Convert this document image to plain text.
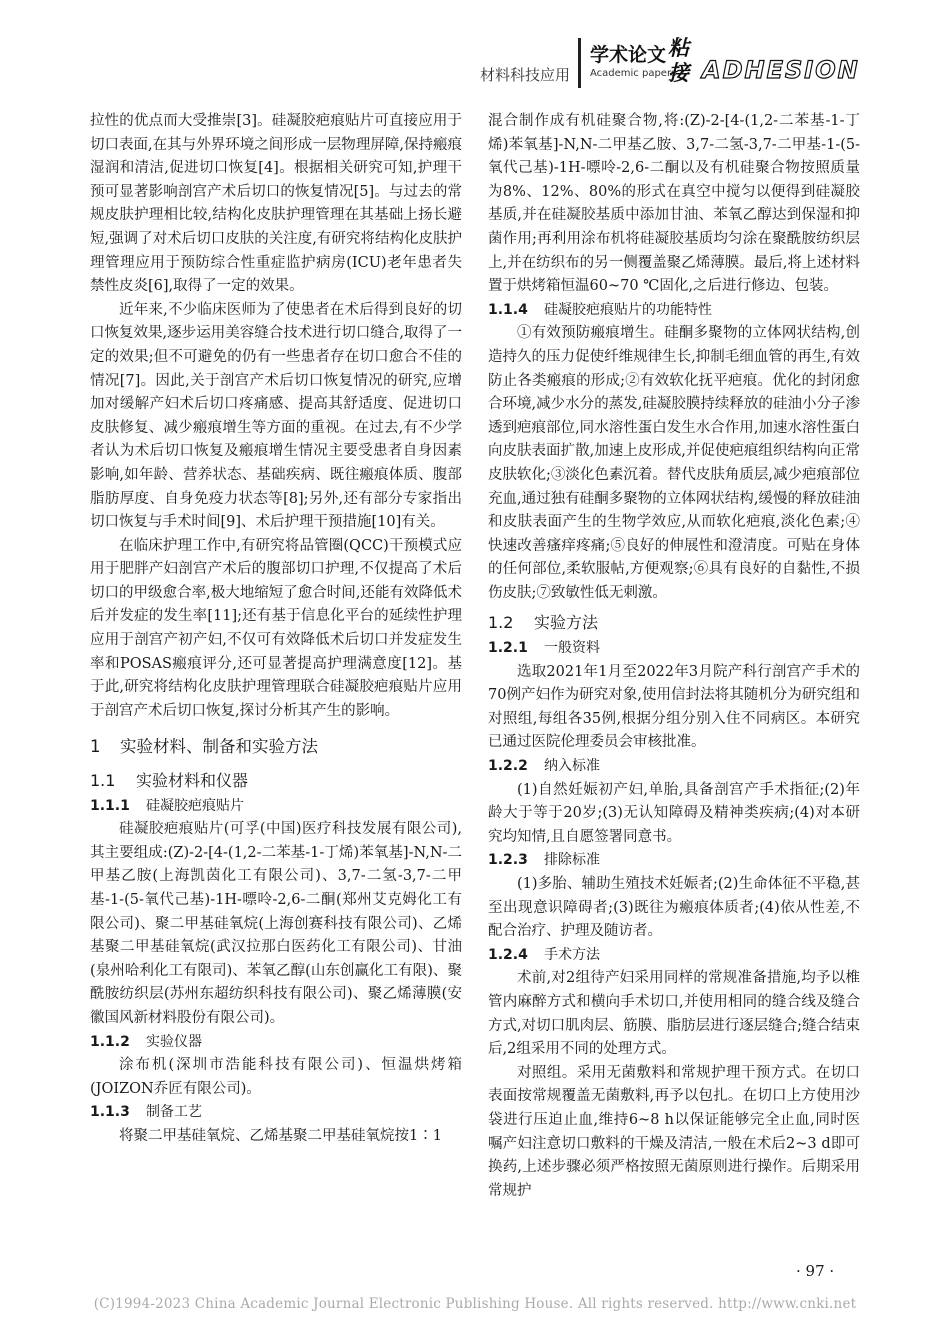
材料科技应用
学术论文
Academic papers
粘接 ADHESION

拉性的优点而大受推崇[3]。硅凝胶疤痕贴片可直接应用于切口表面,在其与外界环境之间形成一层物理屏障,保持瘢痕湿润和清洁,促进切口恢复[4]。根据相关研究可知,护理干预可显著影响剖宫产术后切口的恢复情况[5]。与过去的常规皮肤护理相比较,结构化皮肤护理管理在其基础上扬长避短,强调了对术后切口皮肤的关注度,有研究将结构化皮肤护理管理应用于预防综合性重症监护病房(ICU)老年患者失禁性皮炎[6],取得了一定的效果。

近年来,不少临床医师为了使患者在术后得到良好的切口恢复效果,逐步运用美容缝合技术进行切口缝合,取得了一定的效果;但不可避免的仍有一些患者存在切口愈合不佳的情况[7]。因此,关于剖宫产术后切口恢复情况的研究,应增加对缓解产妇术后切口疼痛感、提高其舒适度、促进切口皮肤修复、减少瘢痕增生等方面的重视。在过去,有不少学者认为术后切口恢复及瘢痕增生情况主要受患者自身因素影响,如年龄、营养状态、基础疾病、既往瘢痕体质、腹部脂肪厚度、自身免疫力状态等[8];另外,还有部分专家指出切口恢复与手术时间[9]、术后护理干预措施[10]有关。

在临床护理工作中,有研究将品管圈(QCC)干预模式应用于肥胖产妇剖宫产术后的腹部切口护理,不仅提高了术后切口的甲级愈合率,极大地缩短了愈合时间,还能有效降低术后并发症的发生率[11];还有基于信息化平台的延续性护理应用于剖宫产初产妇,不仅可有效降低术后切口并发症发生率和POSAS瘢痕评分,还可显著提高护理满意度[12]。基于此,研究将结构化皮肤护理管理联合硅凝胶疤痕贴片应用于剖宫产术后切口恢复,探讨分析其产生的影响。

1 实验材料、制备和实验方法
1.1 实验材料和仪器
1.1.1 硅凝胶疤痕贴片

硅凝胶疤痕贴片(可孚(中国)医疗科技发展有限公司),其主要组成:(Z)-2-[4-(1,2-二苯基-1-丁烯)苯氧基]-N,N-二甲基乙胺(上海凯茵化工有限公司)、3,7-二氢-3,7-二甲基-1-(5-氧代己基)-1H-嘌呤-2,6-二酮(郑州艾克姆化工有限公司)、聚二甲基硅氧烷(上海创赛科技有限公司)、乙烯基聚二甲基硅氧烷(武汉拉那白医药化工有限公司)、甘油(泉州哈利化工有限司)、苯氧乙醇(山东创赢化工有限)、聚酰胺纺织层(苏州东超纺织科技有限公司)、聚乙烯薄膜(安徽国风新材料股份有限公司)。

1.1.2 实验仪器

涂布机(深圳市浩能科技有限公司)、恒温烘烤箱(JOIZON乔匠有限公司)。

1.1.3 制备工艺

将聚二甲基硅氧烷、乙烯基聚二甲基硅氧烷按1∶1

混合制作成有机硅聚合物,将:(Z)-2-[4-(1,2-二苯基-1-丁烯)苯氧基]-N,N-二甲基乙胺、3,7-二氢-3,7-二甲基-1-(5-氧代己基)-1H-嘌呤-2,6-二酮以及有机硅聚合物按照质量为8%、12%、80%的形式在真空中搅匀以便得到硅凝胶基质,并在硅凝胶基质中添加甘油、苯氧乙醇达到保湿和抑菌作用;再利用涂布机将硅凝胶基质均匀涂在聚酰胺纺织层上,并在纺织布的另一侧覆盖聚乙烯薄膜。最后,将上述材料置于烘烤箱恒温60~70 ℃固化,之后进行修边、包装。

1.1.4 硅凝胶疤痕贴片的功能特性

①有效预防瘢痕增生。硅酮多聚物的立体网状结构,创造持久的压力促使纤维规律生长,抑制毛细血管的再生,有效防止各类瘢痕的形成;②有效软化抚平疤痕。优化的封闭愈合环境,减少水分的蒸发,硅凝胶膜持续释放的硅油小分子渗透到疤痕部位,同水溶性蛋白发生水合作用,加速水溶性蛋白向皮肤表面扩散,加速上皮形成,并促使疤痕组织结构向正常皮肤软化;③淡化色素沉着。替代皮肤角质层,减少疤痕部位充血,通过独有硅酮多聚物的立体网状结构,缓慢的释放硅油和皮肤表面产生的生物学效应,从而软化疤痕,淡化色素;④快速改善瘙痒疼痛;⑤良好的伸展性和澄清度。可贴在身体的任何部位,柔软服帖,方便观察;⑥具有良好的自黏性,不损伤皮肤;⑦致敏性低无刺激。

1.2 实验方法
1.2.1 一般资料

选取2021年1月至2022年3月院产科行剖宫产手术的70例产妇作为研究对象,使用信封法将其随机分为研究组和对照组,每组各35例,根据分组分别入住不同病区。本研究已通过医院伦理委员会审核批准。

1.2.2 纳入标准

(1)自然妊娠初产妇,单胎,具备剖宫产手术指征;(2)年龄大于等于20岁;(3)无认知障碍及精神类疾病;(4)对本研究均知情,且自愿签署同意书。

1.2.3 排除标准

(1)多胎、辅助生殖技术妊娠者;(2)生命体征不平稳,甚至出现意识障碍者;(3)既往为瘢痕体质者;(4)依从性差,不配合治疗、护理及随访者。

1.2.4 手术方法

术前,对2组待产妇采用同样的常规准备措施,均予以椎管内麻醉方式和横向手术切口,并使用相同的缝合线及缝合方式,对切口肌肉层、筋膜、脂肪层进行逐层缝合;缝合结束后,2组采用不同的处理方式。

对照组。采用无菌敷料和常规护理干预方式。在切口表面按常规覆盖无菌敷料,再予以包扎。在切口上方使用沙袋进行压迫止血,维持6~8 h以保证能够完全止血,同时医嘱产妇注意切口敷料的干燥及清洁,一般在术后2~3 d即可换药,上述步骤必须严格按照无菌原则进行操作。后期采用常规护

· 97 ·
(C)1994-2023 China Academic Journal Electronic Publishing House. All rights reserved. http://www.cnki.net
